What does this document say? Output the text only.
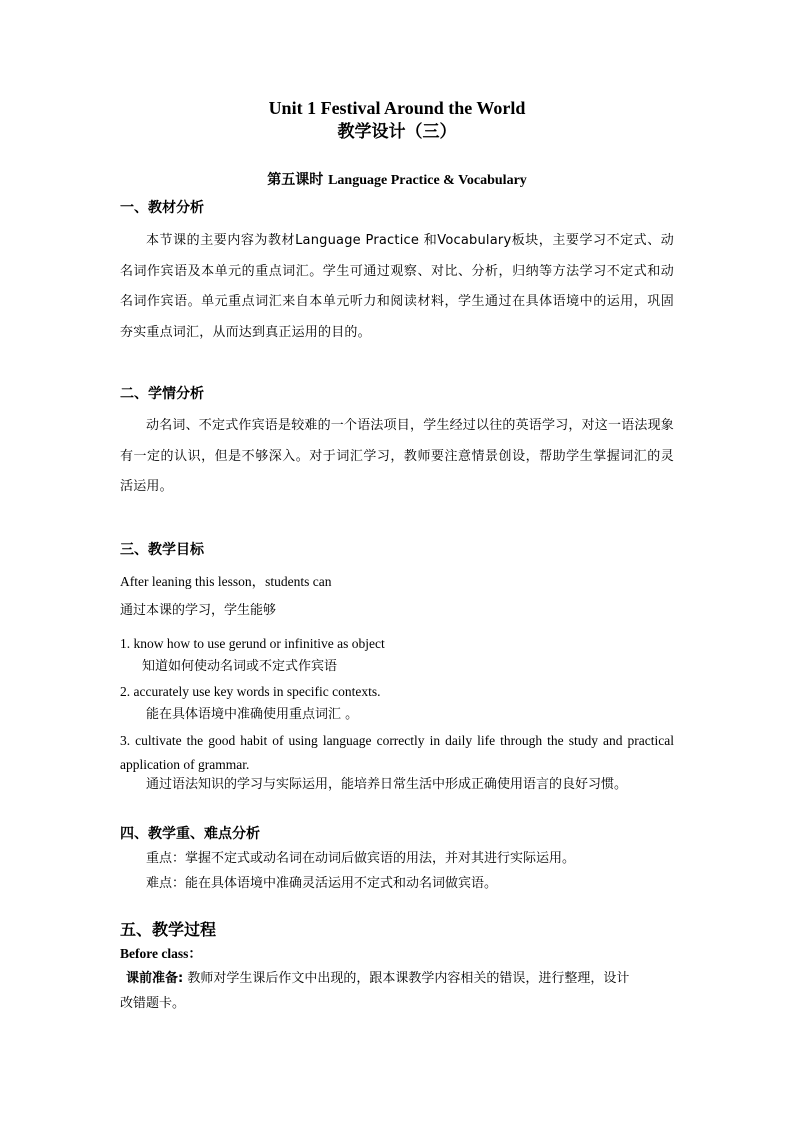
Unit 1 Festival Around the World
教学设计（三）
第五课时 Language Practice & Vocabulary
一、教材分析
本节课的主要内容为教材Language Practice 和Vocabulary板块，主要学习不定式、动名词作宾语及本单元的重点词汇。学生可通过观察、对比、分析，归纳等方法学习不定式和动名词作宾语。单元重点词汇来自本单元听力和阅读材料，学生通过在具体语境中的运用，巩固夯实重点词汇，从而达到真正运用的目的。
二、学情分析
动名词、不定式作宾语是较难的一个语法项目，学生经过以往的英语学习，对这一语法现象有一定的认识，但是不够深入。对于词汇学习，教师要注意情景创设，帮助学生掌握词汇的灵活运用。
三、教学目标
After leaning this lesson，students can
通过本课的学习，学生能够
1. know how to use gerund or infinitive as object
知道如何使动名词或不定式作宾语
2. accurately use key words in specific contexts.
能在具体语境中准确使用重点词汇 。
3. cultivate the good habit of using language correctly in daily life through the study and practical application of grammar.
通过语法知识的学习与实际运用，能培养日常生活中形成正确使用语言的良好习惯。
四、教学重、难点分析
重点：掌握不定式或动名词在动词后做宾语的用法，并对其进行实际运用。
难点：能在具体语境中准确灵活运用不定式和动名词做宾语。
五、教学过程
Before class：
课前准备: 教师对学生课后作文中出现的，跟本课教学内容相关的错误，进行整理，设计
改错题卡。
